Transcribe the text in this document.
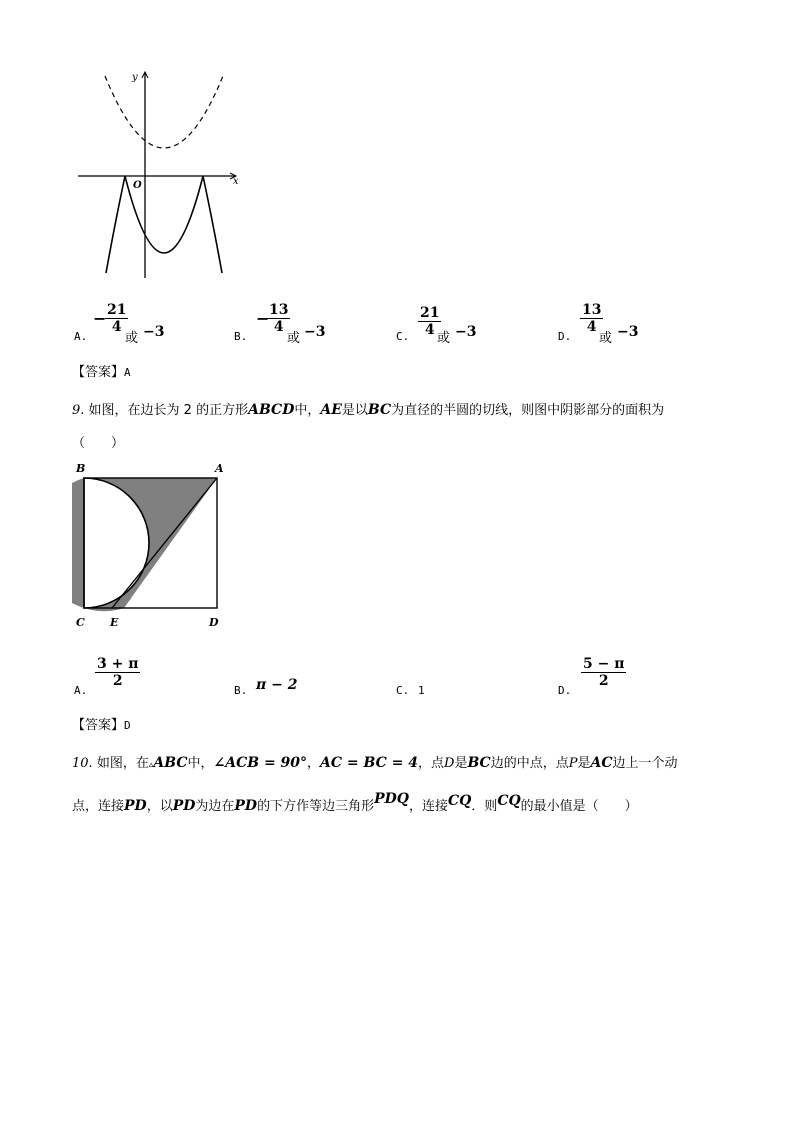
x
y
O
A.
−
$\frac{21}{4}$
或 −3	B.
−
$\frac{13}{4}$
或 −3	C. $\frac{21}{4}$
或 −3	D.
$\frac{13}{4}$
或 −3
【答案】A
9. 如图，在边长为 2 的正方形ABCD中，AE是以BC为直径的半圆的切线，则图中阴影部分的面积为
（　　）
B	A
C E	D
A.
$\frac{3 + \pi}{2}$
B. π − 2	C. 1	D.
$\frac{5 - \pi}{2}$
【答案】D
10. 如图，在▵ABC中，∠ACB = 90°，AC = BC = 4，点D是BC边的中点，点P是AC边上一个动
点，连接PD，以PD为边在PD的下方作等边三角形PDQ，连接CQ．则CQ的最小值是（　　）
